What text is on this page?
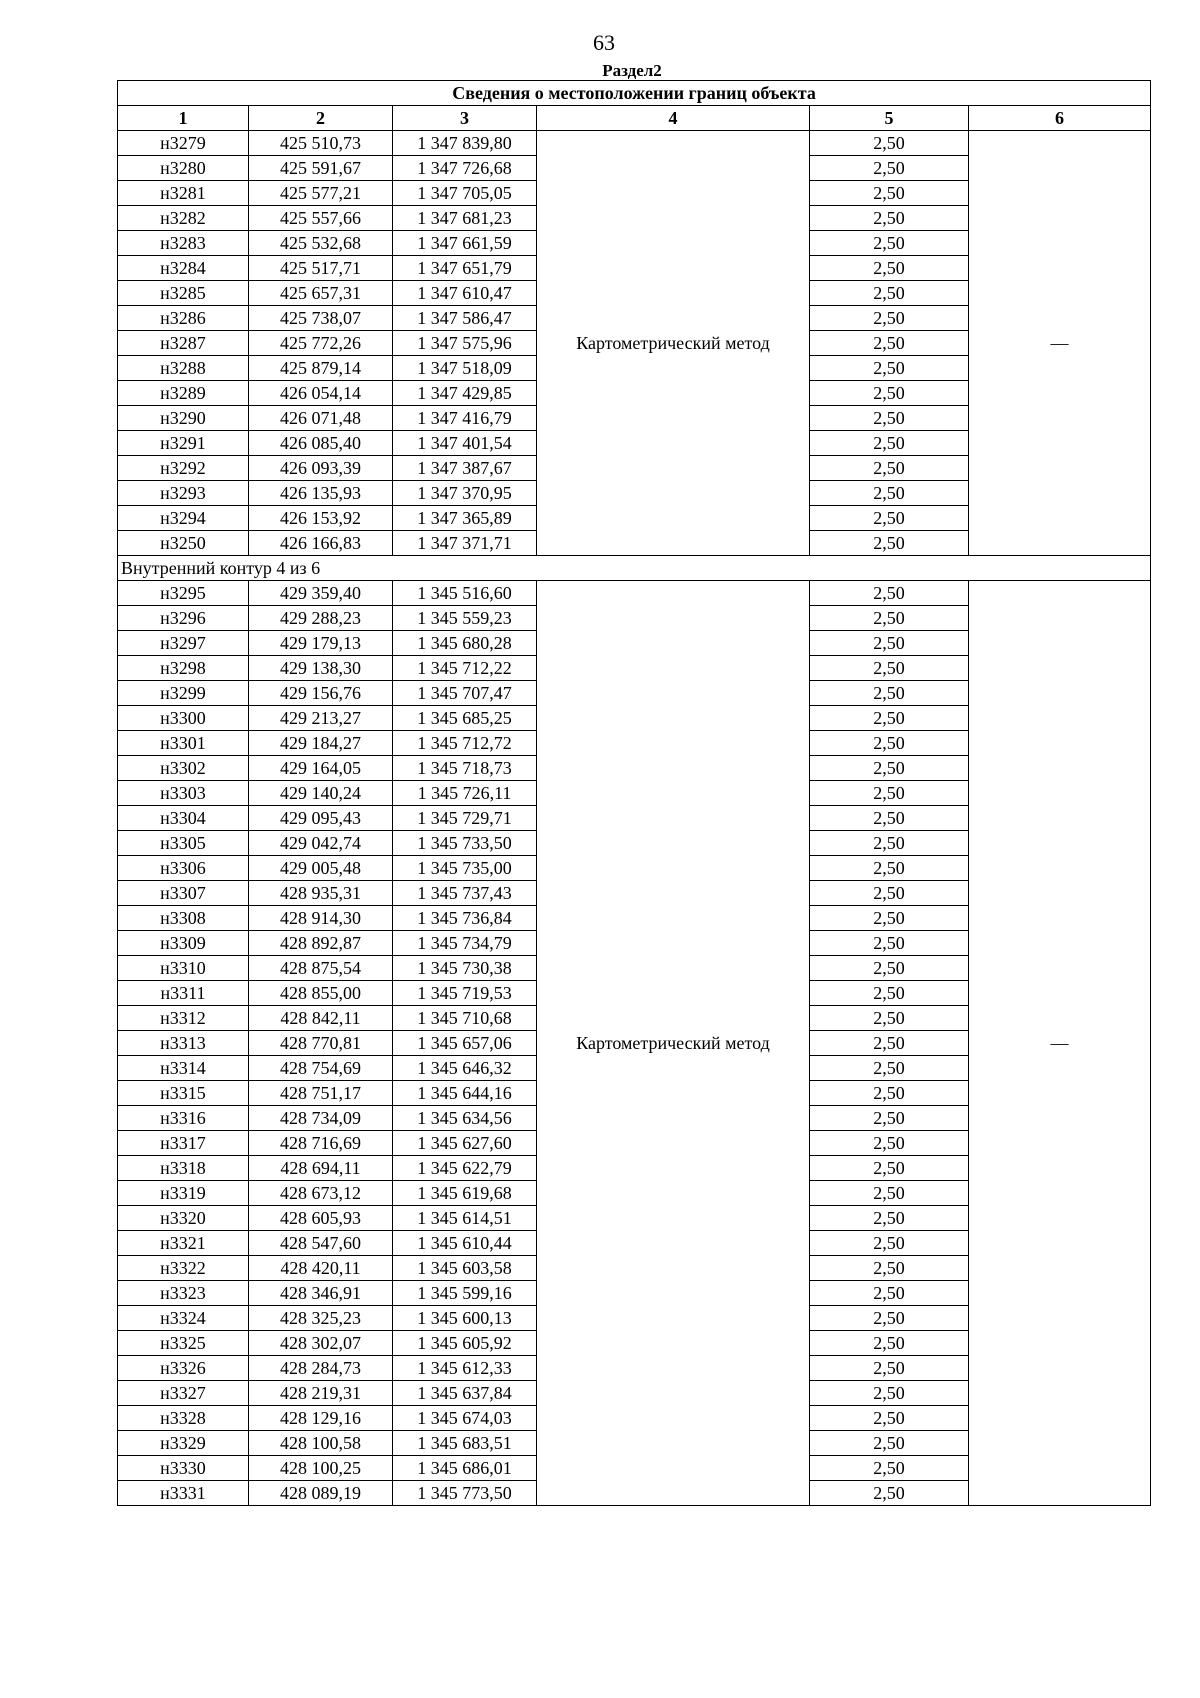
63
Раздел2
Сведения о местоположении границ объекта					
1	2	3	4	5	6
н3279	425 510,73	1 347 839,80	Картометрический метод	2,50	—
н3280	425 591,67	1 347 726,68		2,50	
н3281	425 577,21	1 347 705,05		2,50	
н3282	425 557,66	1 347 681,23		2,50	
н3283	425 532,68	1 347 661,59		2,50	
н3284	425 517,71	1 347 651,79		2,50	
н3285	425 657,31	1 347 610,47		2,50	
н3286	425 738,07	1 347 586,47		2,50	
н3287	425 772,26	1 347 575,96		2,50	
н3288	425 879,14	1 347 518,09		2,50	
н3289	426 054,14	1 347 429,85		2,50	
н3290	426 071,48	1 347 416,79		2,50	
н3291	426 085,40	1 347 401,54		2,50	
н3292	426 093,39	1 347 387,67		2,50	
н3293	426 135,93	1 347 370,95		2,50	
н3294	426 153,92	1 347 365,89		2,50	
н3250	426 166,83	1 347 371,71		2,50	
Внутренний контур 4 из 6					
н3295	429 359,40	1 345 516,60	Картометрический метод	2,50	—
н3296	429 288,23	1 345 559,23		2,50	
н3297	429 179,13	1 345 680,28		2,50	
н3298	429 138,30	1 345 712,22		2,50	
н3299	429 156,76	1 345 707,47		2,50	
н3300	429 213,27	1 345 685,25		2,50	
н3301	429 184,27	1 345 712,72		2,50	
н3302	429 164,05	1 345 718,73		2,50	
н3303	429 140,24	1 345 726,11		2,50	
н3304	429 095,43	1 345 729,71		2,50	
н3305	429 042,74	1 345 733,50		2,50	
н3306	429 005,48	1 345 735,00		2,50	
н3307	428 935,31	1 345 737,43		2,50	
н3308	428 914,30	1 345 736,84		2,50	
н3309	428 892,87	1 345 734,79		2,50	
н3310	428 875,54	1 345 730,38		2,50	
н3311	428 855,00	1 345 719,53		2,50	
н3312	428 842,11	1 345 710,68		2,50	
н3313	428 770,81	1 345 657,06		2,50	
н3314	428 754,69	1 345 646,32		2,50	
н3315	428 751,17	1 345 644,16		2,50	
н3316	428 734,09	1 345 634,56		2,50	
н3317	428 716,69	1 345 627,60		2,50	
н3318	428 694,11	1 345 622,79		2,50	
н3319	428 673,12	1 345 619,68		2,50	
н3320	428 605,93	1 345 614,51		2,50	
н3321	428 547,60	1 345 610,44		2,50	
н3322	428 420,11	1 345 603,58		2,50	
н3323	428 346,91	1 345 599,16		2,50	
н3324	428 325,23	1 345 600,13		2,50	
н3325	428 302,07	1 345 605,92		2,50	
н3326	428 284,73	1 345 612,33		2,50	
н3327	428 219,31	1 345 637,84		2,50	
н3328	428 129,16	1 345 674,03		2,50	
н3329	428 100,58	1 345 683,51		2,50	
н3330	428 100,25	1 345 686,01		2,50	
н3331	428 089,19	1 345 773,50		2,50	
